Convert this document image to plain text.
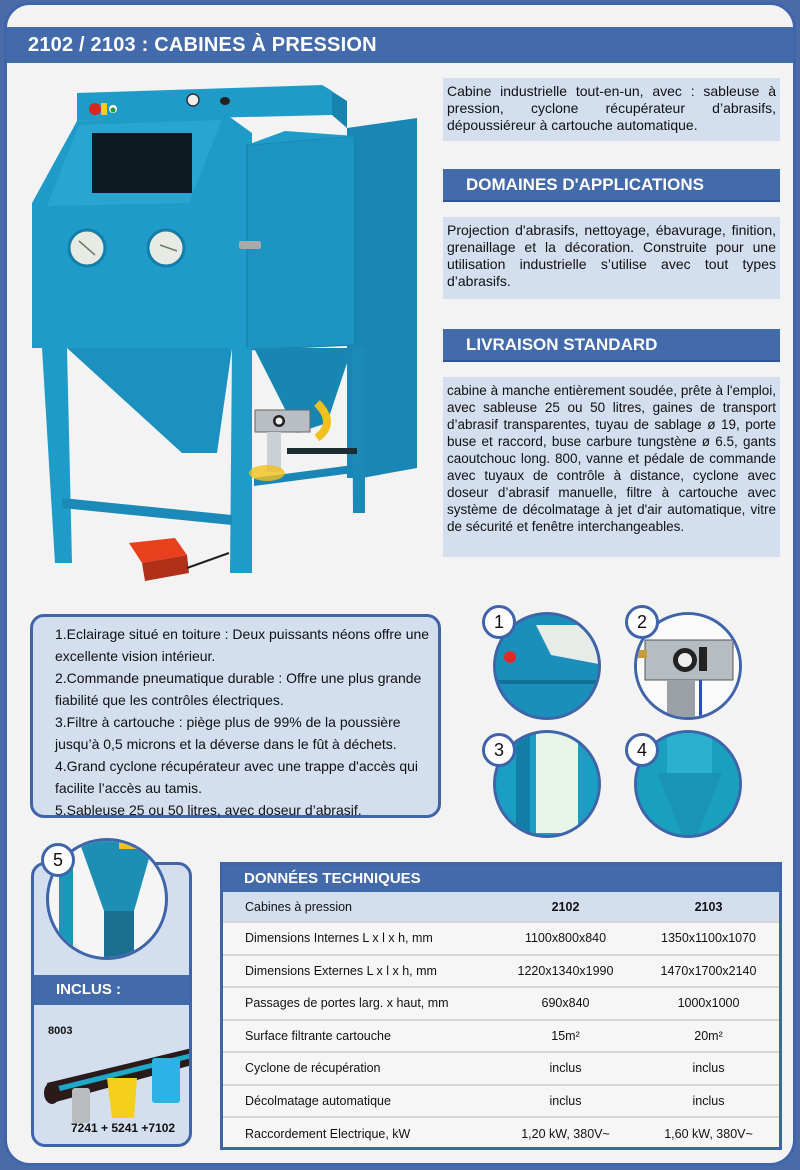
2102 / 2103 : CABINES À PRESSION
Cabine industrielle tout-en-un, avec : sableuse à pression, cyclone récupérateur d’abrasifs, dépoussiéreur à cartouche automatique.
DOMAINES D'APPLICATIONS
Projection d'abrasifs, nettoyage, ébavurage, finition, grenaillage et la décoration. Construite pour une utilisation industrielle s’utilise avec tout types d’abrasifs.
LIVRAISON STANDARD
cabine à manche entièrement soudée, prête à l'emploi, avec sableuse 25 ou 50 litres, gaines de transport d’abrasif transparentes, tuyau de sablage ø 19, porte buse et raccord, buse carbure tungstène ø 6.5, gants caoutchouc long. 800, vanne et pédale de commande avec tuyaux de contrôle à distance, cyclone avec doseur d’abrasif manuelle, filtre à cartouche avec système de décolmatage à jet d'air automatique, vitre de sécurité et fenêtre interchangeables.
1.Eclairage situé en toiture : Deux puissants néons offre une excellente vision intérieur.
2.Commande pneumatique durable : Offre une plus grande fiabilité que les contrôles électriques.
3.Filtre à cartouche : piège plus de 99% de la poussière jusqu’à 0,5 microns et la déverse dans le fût à déchets.
4.Grand cyclone récupérateur avec une trappe d'accès qui facilite l’accès au tamis.
5.Sableuse 25 ou 50 litres, avec doseur d’abrasif.
1	2
3	4
INCLUS :
8003
7241 + 5241 +7102
5
DONNÉES TECHNIQUES
Cabines à pression	2102	2103
Dimensions Internes L x l x h, mm	1100x800x840	1350x1100x1070
Dimensions Externes L x l x h, mm	1220x1340x1990	1470x1700x2140
Passages de portes larg. x haut, mm	690x840	1000x1000
Surface filtrante cartouche	15m²	20m²
Cyclone de récupération	inclus	inclus
Décolmatage automatique	inclus	inclus
Raccordement Electrique, kW	1,20 kW, 380V~	1,60 kW, 380V~
